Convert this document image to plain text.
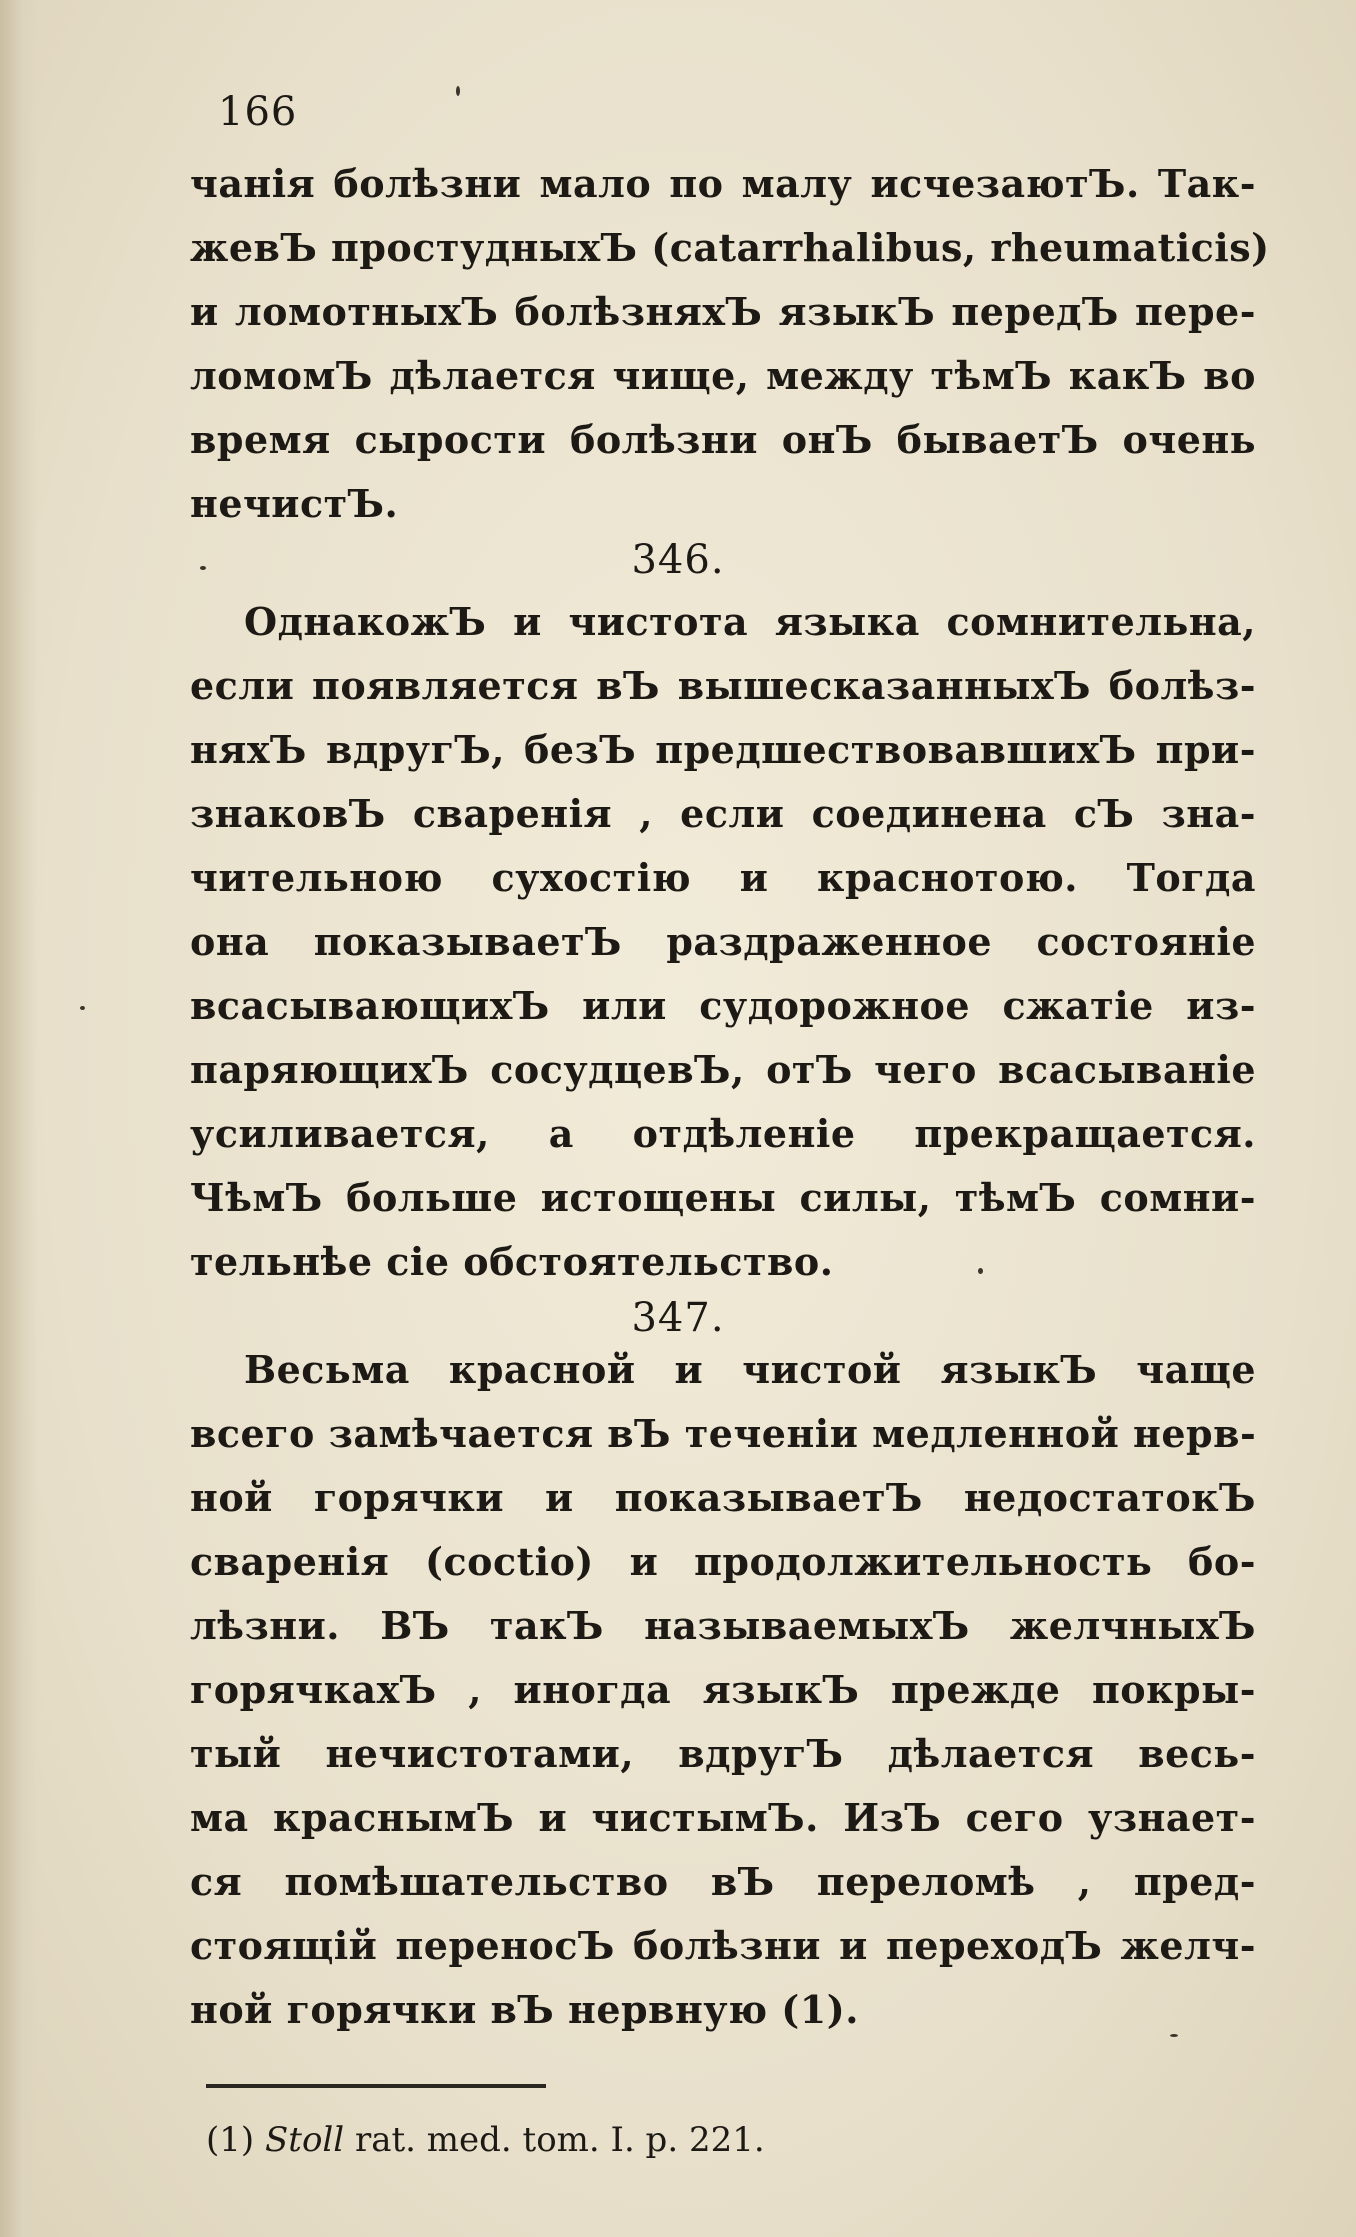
166
чанія болѣзни мало по малу исчезаютЪ. Так-
жевЪ простудныхЪ (catarrhalibus, rheumaticis)
и ломотныхЪ болѣзняхЪ языкЪ передЪ пере-
ломомЪ дѣлается чище, между тѣмЪ какЪ во
время сырости болѣзни онЪ бываетЪ очень
нечистЪ.
346.
ОднакожЪ и чистота языка сомнительна,
если появляется вЪ вышесказанныхЪ болѣз-
няхЪ вдругЪ, безЪ предшествовавшихЪ при-
знаковЪ сваренія , если соединена сЪ зна-
чительною сухостію и краснотою. Тогда
она показываетЪ раздраженное состояніе
всасывающихЪ или судорожное сжатіе из-
паряющихЪ сосудцевЪ, отЪ чего всасываніе
усиливается, а отдѣленіе прекращается.
ЧѣмЪ больше истощены силы, тѣмЪ сомни-
тельнѣе сіе обстоятельство.
347.
Весьма красной и чистой языкЪ чаще
всего замѣчается вЪ теченіи медленной нерв-
ной горячки и показываетЪ недостатокЪ
сваренія (coctio) и продолжительность бо-
лѣзни. ВЪ такЪ называемыхЪ желчныхЪ
горячкахЪ , иногда языкЪ прежде покры-
тый нечистотами, вдругЪ дѣлается весь-
ма краснымЪ и чистымЪ. ИзЪ сего узнает-
ся помѣшательство вЪ переломѣ , пред-
стоящій переносЪ болѣзни и переходЪ желч-
ной горячки вЪ нервную (1).
(1) Stoll rat. med. tom. I. p. 221.
